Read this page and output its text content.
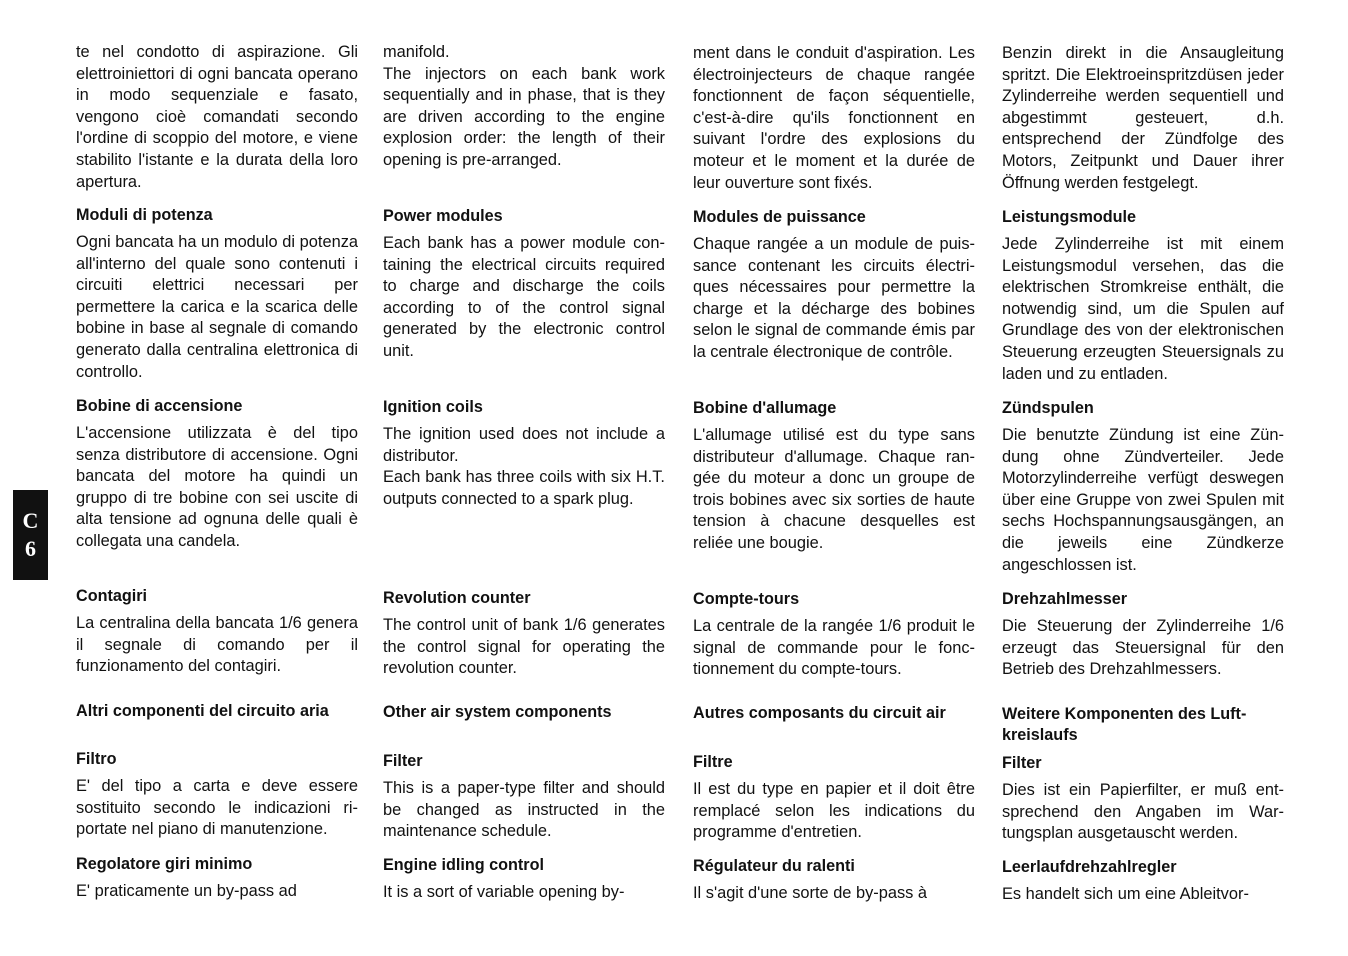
C
6

te nel condotto di aspirazione. Gli elettroiniettori di ogni bancata operano in modo sequenziale e fasato, vengono cioè comandati secondo l'ordine di scoppio del motore, e viene stabilito l'istante e la durata della loro apertura.

Moduli di potenza

Ogni bancata ha un modulo di potenza all'interno del quale sono contenuti i circuiti elettrici necessari per permettere la carica e la scarica delle bobine in base al segnale di comando generato dalla centralina elettronica di controllo.

Bobine di accensione

L'accensione utilizzata è del tipo senza distributore di accensione. Ogni bancata del motore ha quindi un gruppo di tre bobine con sei uscite di alta tensione ad ognuna delle quali è collegata una candela.

Contagiri

La centralina della bancata 1/6 genera il segnale di comando per il funzionamento del contagiri.

Altri componenti del circuito aria
Filtro

E' del tipo a carta e deve essere sostituito secondo le indicazioni riportate nel piano di manutenzione.

Regolatore giri minimo

E' praticamente un by-pass ad

manifold.
The injectors on each bank work sequentially and in phase, that is they are driven according to the engine explosion order: the length of their opening is pre-arranged.

Power modules

Each bank has a power module containing the electrical circuits required to charge and discharge the coils according to of the control signal generated by the electronic control unit.

Ignition coils

The ignition used does not include a distributor.
Each bank has three coils with six H.T. outputs connected to a spark plug.

Revolution counter

The control unit of bank 1/6 generates the control signal for operating the revolution counter.

Other air system components
Filter

This is a paper-type filter and should be changed as instructed in the maintenance schedule.

Engine idling control

It is a sort of variable opening by-

ment dans le conduit d'aspiration. Les électroinjecteurs de chaque rangée fonctionnent de façon séquentielle, c'est-à-dire qu'ils fonctionnent en suivant l'ordre des explosions du moteur et le moment et la durée de leur ouverture sont fixés.

Modules de puissance

Chaque rangée a un module de puissance contenant les circuits électriques nécessaires pour permettre la charge et la décharge des bobines selon le signal de commande émis par la centrale électronique de contrôle.

Bobine d'allumage

L'allumage utilisé est du type sans distributeur d'allumage. Chaque rangée du moteur a donc un groupe de trois bobines avec six sorties de haute tension à chacune desquelles est reliée une bougie.

Compte-tours

La centrale de la rangée 1/6 produit le signal de commande pour le fonctionnement du compte-tours.

Autres composants du circuit air
Filtre

Il est du type en papier et il doit être remplacé selon les indications du programme d'entretien.

Régulateur du ralenti

Il s'agit d'une sorte de by-pass à

Benzin direkt in die Ansaugleitung spritzt. Die Elektroeinspritzdüsen jeder Zylinderreihe werden sequentiell und abgestimmt gesteuert, d.h. entsprechend der Zündfolge des Motors, Zeitpunkt und Dauer ihrer Öffnung werden festgelegt.

Leistungsmodule

Jede Zylinderreihe ist mit einem Leistungsmodul versehen, das die elektrischen Stromkreise enthält, die notwendig sind, um die Spulen auf Grundlage des von der elektronischen Steuerung erzeugten Steuersignals zu laden und zu entladen.

Zündspulen

Die benutzte Zündung ist eine Zündung ohne Zündverteiler. Jede Motorzylinderreihe verfügt deswegen über eine Gruppe von zwei Spulen mit sechs Hochspannungsausgängen, an die jeweils eine Zündkerze angeschlossen ist.

Drehzahlmesser

Die Steuerung der Zylinderreihe 1/6 erzeugt das Steuersignal für den Betrieb des Drehzahlmessers.

Weitere Komponenten des Luftkreislaufs
Filter

Dies ist ein Papierfilter, er muß entsprechend den Angaben im Wartungsplan ausgetauscht werden.

Leerlaufdrehzahlregler

Es handelt sich um eine Ableitvor-
